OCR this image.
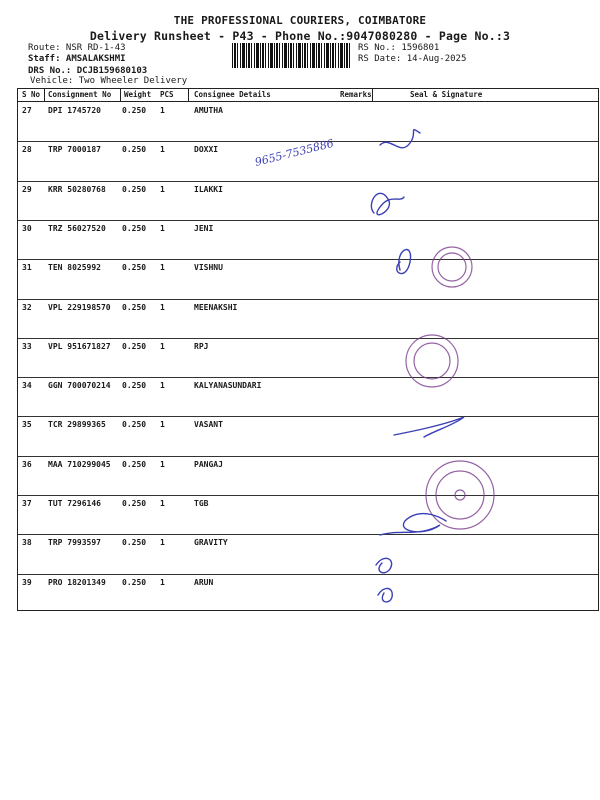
THE PROFESSIONAL COURIERS, COIMBATORE
Delivery Runsheet - P43 - Phone No.:9047080280 - Page No.:3
Route: NSR RD-1-43
Staff: AMSALAKSHMI
DRS No.: DCJB159680103
Vehicle: Two Wheeler Delivery
RS No.: 1596801
RS Date: 14-Aug-2025
S No Consignment No Weight PCS	Consignee Details	Remarks	Seal & Signature
27 DPI 1745720	0.250 1	AMUTHA
28 TRP 7000187	0.250 1	DOXXI
29 KRR 50280768 0.250 1	ILAKKI
30 TRZ 56027520 0.250 1	JENI
31 TEN 8025992	0.250 1	VISHNU
32 VPL 229198570 0.250 1	MEENAKSHI
33 VPL 951671827 0.250 1	RPJ
34 GGN 700070214 0.250 1	KALYANASUNDARI
35 TCR 29899365 0.250 1	VASANT
36 MAA 710299045 0.250 1	PANGAJ
37 TUT 7296146	0.250 1	TGB
38 TRP 7993597	0.250 1	GRAVITY
39 PRO 18201349 0.250 1	ARUN
9842333993
97566 42224
2449350
9738442224
94497 48454
muthu 9412150-60
DIL
9787 00065
2413886
9025069857
750220642
9655-7535886
